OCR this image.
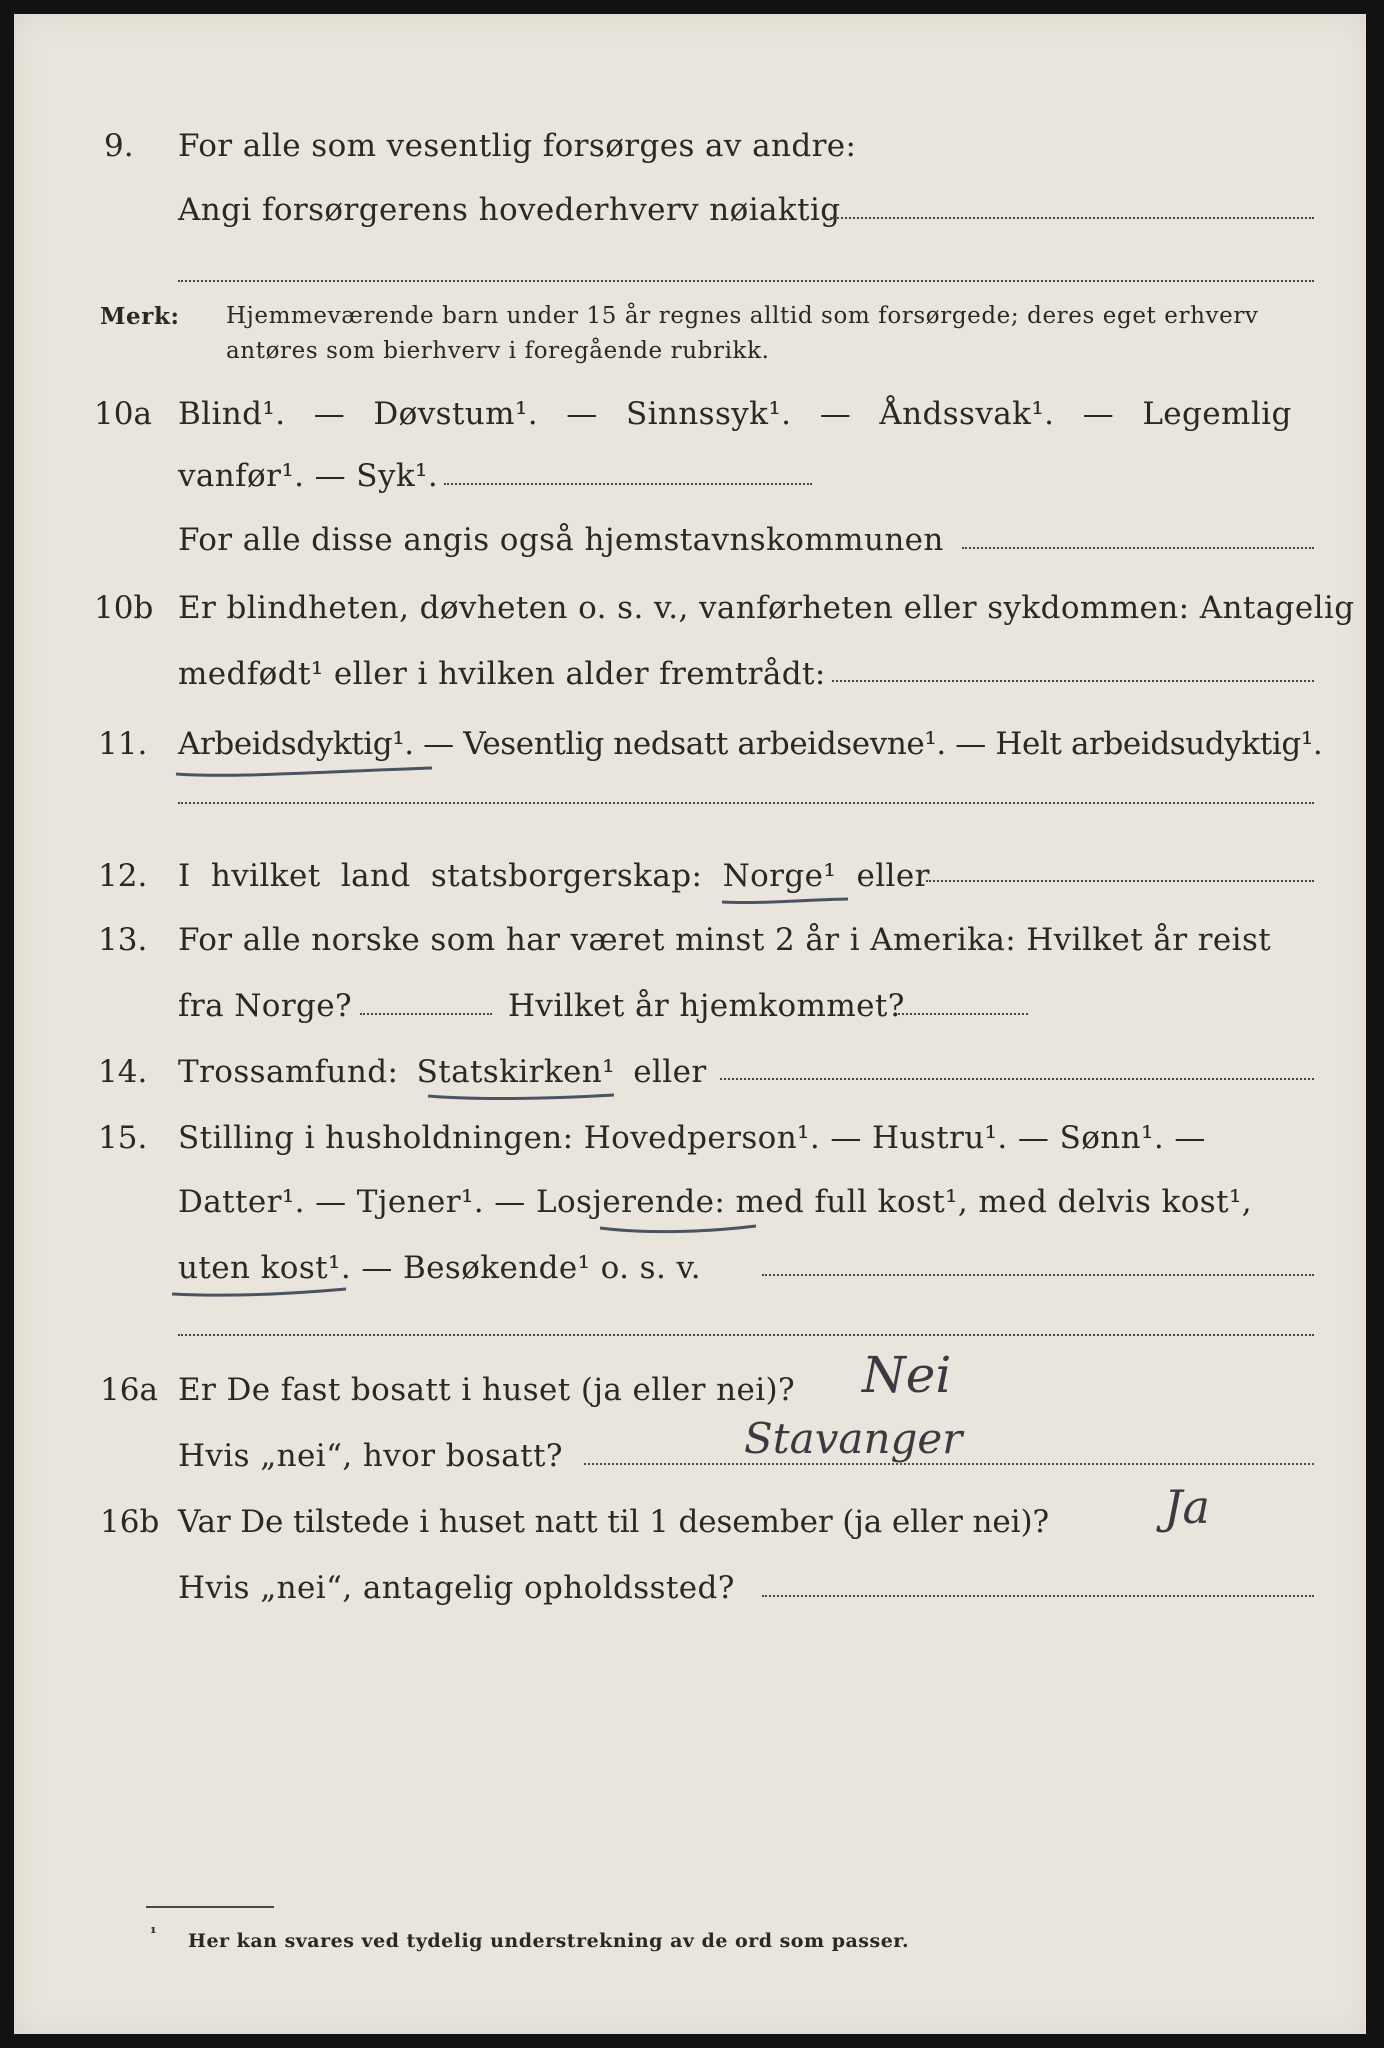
9. For alle som vesentlig forsørges av andre:
Angi forsørgerens hovederhverv nøiaktig
Merk: Hjemmeværende barn under 15 år regnes alltid som forsørgede; deres eget erhverv
antøres som bierhverv i foregående rubrikk.
10a Blind¹. — Døvstum¹. — Sinnssyk¹. — Åndssvak¹. — Legemlig
vanfør¹. — Syk¹.
For alle disse angis også hjemstavnskommunen
10b Er blindheten, døvheten o. s. v., vanførheten eller sykdommen: Antagelig
medfødt¹ eller i hvilken alder fremtrådt:
11. Arbeidsdyktig¹. — Vesentlig nedsatt arbeidsevne¹. — Helt arbeidsudyktig¹.
12. I hvilket land statsborgerskap: Norge¹ eller
13. For alle norske som har været minst 2 år i Amerika: Hvilket år reist
fra Norge?	Hvilket år hjemkommet?
14. Trossamfund: Statskirken¹ eller
15. Stilling i husholdningen: Hovedperson¹. — Hustru¹. — Sønn¹. —
Datter¹. — Tjener¹. — Losjerende: med full kost¹, med delvis kost¹,
uten kost¹. — Besøkende¹ o. s. v.
16a Er De fast bosatt i huset (ja eller nei)? Nei
Hvis „nei“, hvor bosatt?	Stavanger
16b Var De tilstede i huset natt til 1 desember (ja eller nei)?	Ja
Hvis „nei“, antagelig opholdssted?
¹ Her kan svares ved tydelig understrekning av de ord som passer.
